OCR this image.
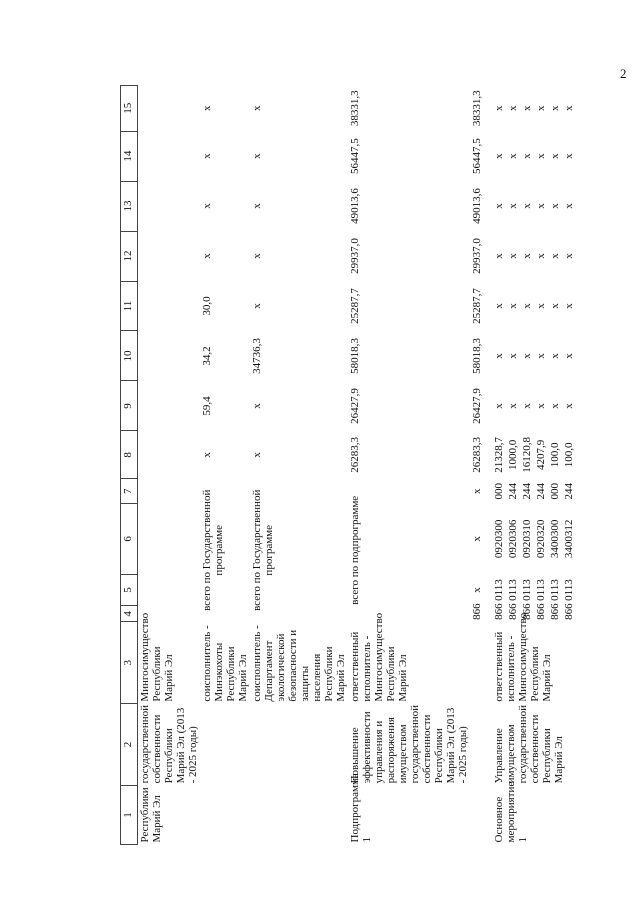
2
1	2	3	4	5	6	7	8	9	10	11	12	13	14	15
Республики Марий Эл	государственной собственности Республики Марий Эл (2013 - 2025 годы)	Мингосимущество Республики Марий Эл												
		соисполнитель - Минэкохоты Республики Марий Эл	всего по Государственной программе				x	59,4	34,2	30,0	x	x	x	x
		соисполнитель - Департамент экологической безопасности и защиты населения Республики Марий Эл	всего по Государственной программе				x	x	34736,3	x	x	x	x	x
Подпрограмма 1	Повышение эффективности управления и распоряжения имуществом государственной собственности Республики Марий Эл (2013 - 2025 годы)	ответственный исполнитель - Мингосимущество Республики Марий Эл	всего по подпрограмме				26283,3	26427,9	58018,3	25287,7	29937,0	49013,6	56447,5	38331,3
			866	x	x	x	26283,3	26427,9	58018,3	25287,7	29937,0	49013,6	56447,5	38331,3

Основное мероприятие 1	Управление имуществом государственной собственности Республики Марий Эл	ответственный исполнитель - Мингосимущество Республики Марий Эл	866	0113	0920300	000	21328,7	x	x	x	x	x	x	x
			866	0113	0920306	244	1000,0	x	x	x	x	x	x	x
			866	0113	0920310	244	16120,8	x	x	x	x	x	x	x
			866	0113	0920320	244	4207,9	x	x	x	x	x	x	x
			866	0113	3400300	000	100,0	x	x	x	x	x	x	x
			866	0113	3400312	244	100,0	x	x	x	x	x	x	x
